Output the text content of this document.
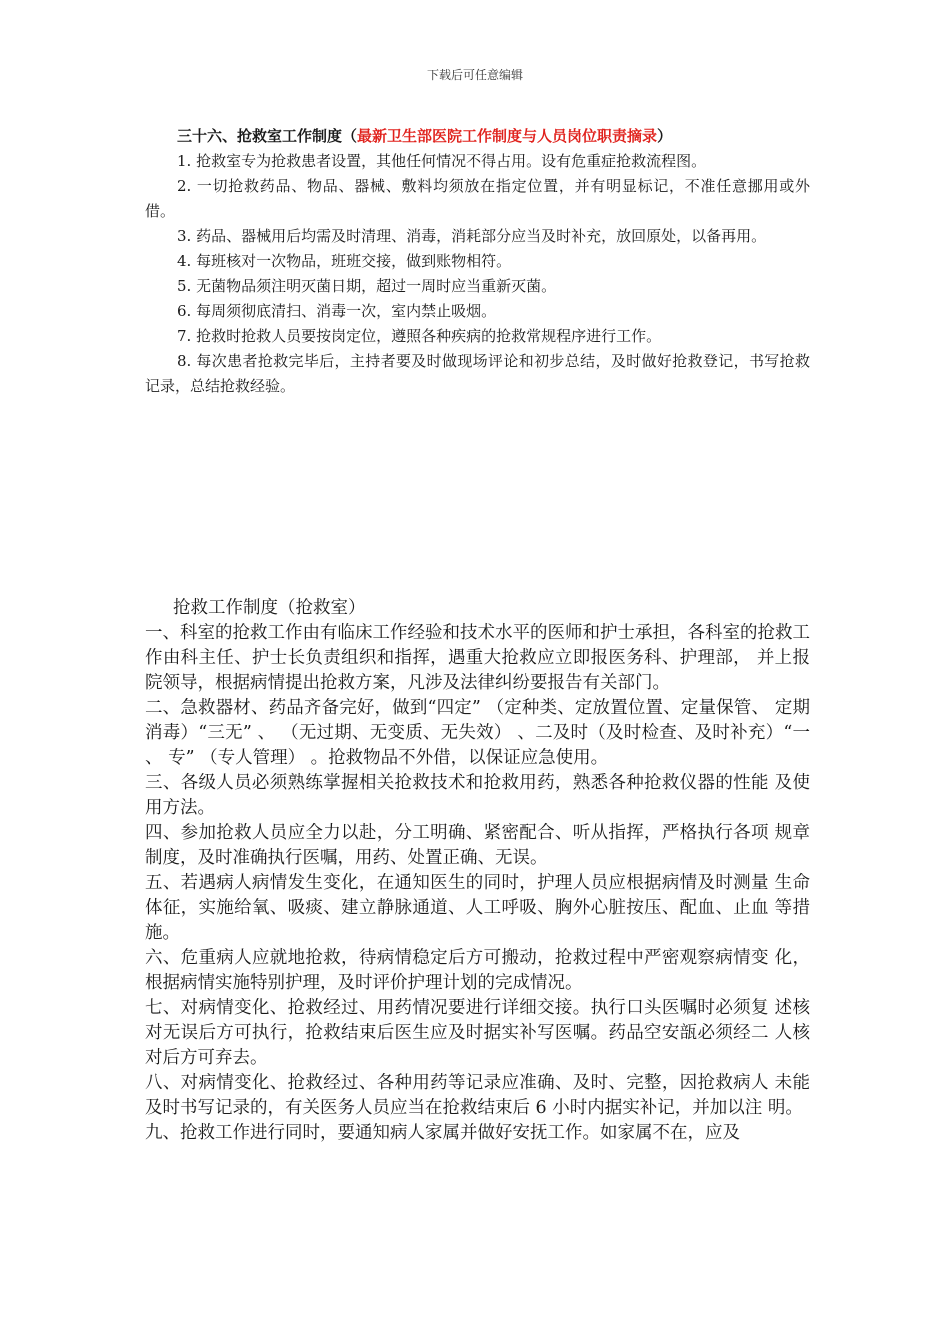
下载后可任意编辑
三十六、抢救室工作制度（最新卫生部医院工作制度与人员岗位职责摘录）

1. 抢救室专为抢救患者设置，其他任何情况不得占用。设有危重症抢救流程图。

2. 一切抢救药品、物品、器械、敷料均须放在指定位置，并有明显标记，不准任意挪用或外借。

3. 药品、器械用后均需及时清理、消毒，消耗部分应当及时补充，放回原处，以备再用。

4. 每班核对一次物品，班班交接，做到账物相符。

5. 无菌物品须注明灭菌日期，超过一周时应当重新灭菌。

6. 每周须彻底清扫、消毒一次，室内禁止吸烟。

7. 抢救时抢救人员要按岗定位，遵照各种疾病的抢救常规程序进行工作。

8. 每次患者抢救完毕后，主持者要及时做现场评论和初步总结，及时做好抢救登记，书写抢救记录，总结抢救经验。

抢救工作制度（抢救室）

一、科室的抢救工作由有临床工作经验和技术水平的医师和护士承担，各科室的抢救工作由科主任、护士长负责组织和指挥，遇重大抢救应立即报医务科、护理部， 并上报院领导，根据病情提出抢救方案，凡涉及法律纠纷要报告有关部门。

二、急救器材、药品齐备完好，做到“四定” （定种类、定放置位置、定量保管、 定期消毒）“三无” 、 （无过期、无变质、无失效） 、二及时（及时检查、及时补充）“一 、 专” （专人管理） 。抢救物品不外借，以保证应急使用。

三、各级人员必须熟练掌握相关抢救技术和抢救用药，熟悉各种抢救仪器的性能 及使用方法。

四、参加抢救人员应全力以赴，分工明确、紧密配合、听从指挥，严格执行各项 规章制度，及时准确执行医嘱，用药、处置正确、无误。

五、若遇病人病情发生变化，在通知医生的同时，护理人员应根据病情及时测量 生命体征，实施给氧、吸痰、建立静脉通道、人工呼吸、胸外心脏按压、配血、止血 等措施。

六、危重病人应就地抢救，待病情稳定后方可搬动，抢救过程中严密观察病情变 化，根据病情实施特别护理，及时评价护理计划的完成情况。

七、对病情变化、抢救经过、用药情况要进行详细交接。执行口头医嘱时必须复 述核对无误后方可执行，抢救结束后医生应及时据实补写医嘱。药品空安瓿必须经二 人核对后方可弃去。

八、对病情变化、抢救经过、各种用药等记录应准确、及时、完整，因抢救病人 未能及时书写记录的，有关医务人员应当在抢救结束后 6 小时内据实补记，并加以注 明。

九、抢救工作进行同时，要通知病人家属并做好安抚工作。如家属不在，应及
